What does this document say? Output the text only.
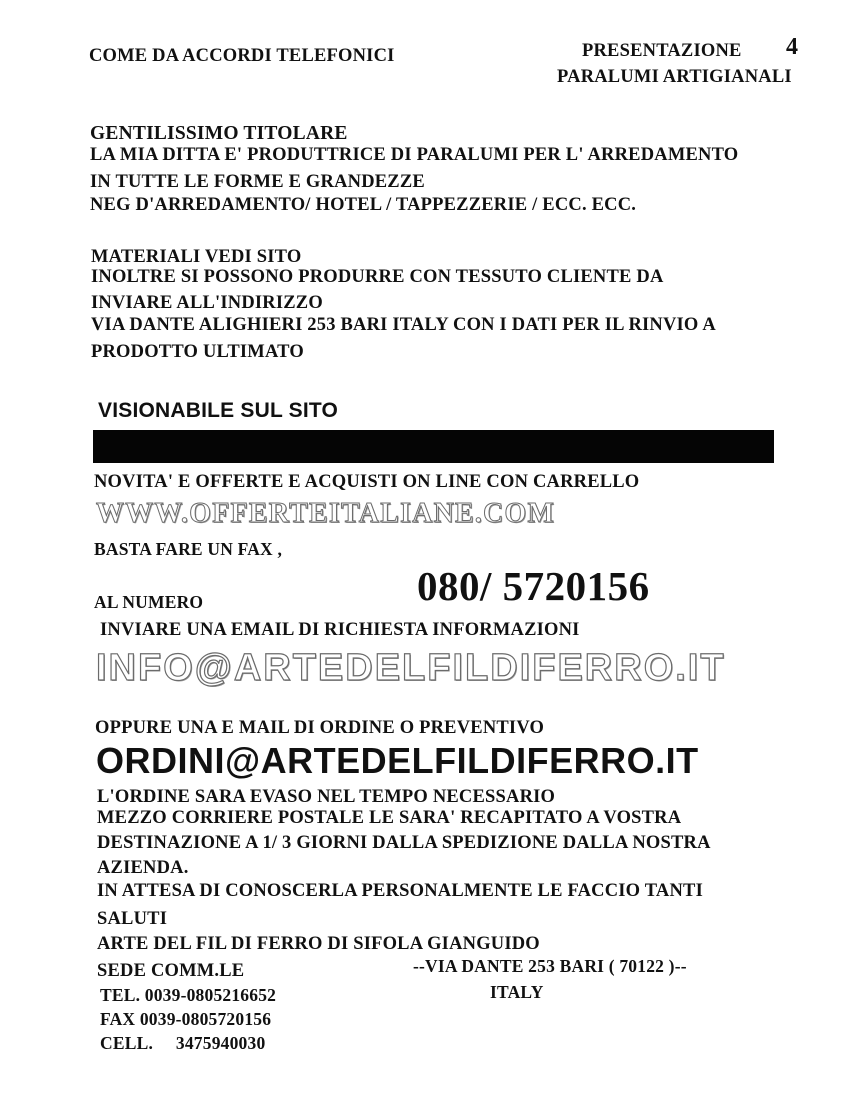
COME DA ACCORDI TELEFONICI	PRESENTAZIONE 4
PARALUMI ARTIGIANALI
GENTILISSIMO TITOLARE
LA MIA DITTA E' PRODUTTRICE DI PARALUMI PER L' ARREDAMENTO
IN TUTTE LE FORME E GRANDEZZE
NEG D'ARREDAMENTO/ HOTEL / TAPPEZZERIE / ECC. ECC.
MATERIALI VEDI SITO
INOLTRE SI POSSONO PRODURRE CON TESSUTO CLIENTE DA
INVIARE ALL'INDIRIZZO
VIA DANTE ALIGHIERI 253 BARI ITALY CON I DATI PER IL RINVIO A
PRODOTTO ULTIMATO
VISIONABILE SUL SITO
NOVITA' E OFFERTE E ACQUISTI ON LINE CON CARRELLO
WWW.OFFERTEITALIANE.COM
BASTA FARE UN FAX ,
AL NUMERO	080/ 5720156
INVIARE UNA EMAIL DI RICHIESTA INFORMAZIONI
INFO@ARTEDELFILDIFERRO.IT
OPPURE UNA E MAIL DI ORDINE O PREVENTIVO
ORDINI@ARTEDELFILDIFERRO.IT
L'ORDINE SARA EVASO NEL TEMPO NECESSARIO
MEZZO CORRIERE POSTALE LE SARA' RECAPITATO A VOSTRA
DESTINAZIONE A 1/ 3 GIORNI DALLA SPEDIZIONE DALLA NOSTRA
AZIENDA.
IN ATTESA DI CONOSCERLA PERSONALMENTE LE FACCIO TANTI
SALUTI
ARTE DEL FIL DI FERRO DI SIFOLA GIANGUIDO
SEDE COMM.LE	--VIA DANTE 253 BARI ( 70122 )--
ITALY
TEL. 0039-0805216652
FAX 0039-0805720156
CELL.     3475940030
